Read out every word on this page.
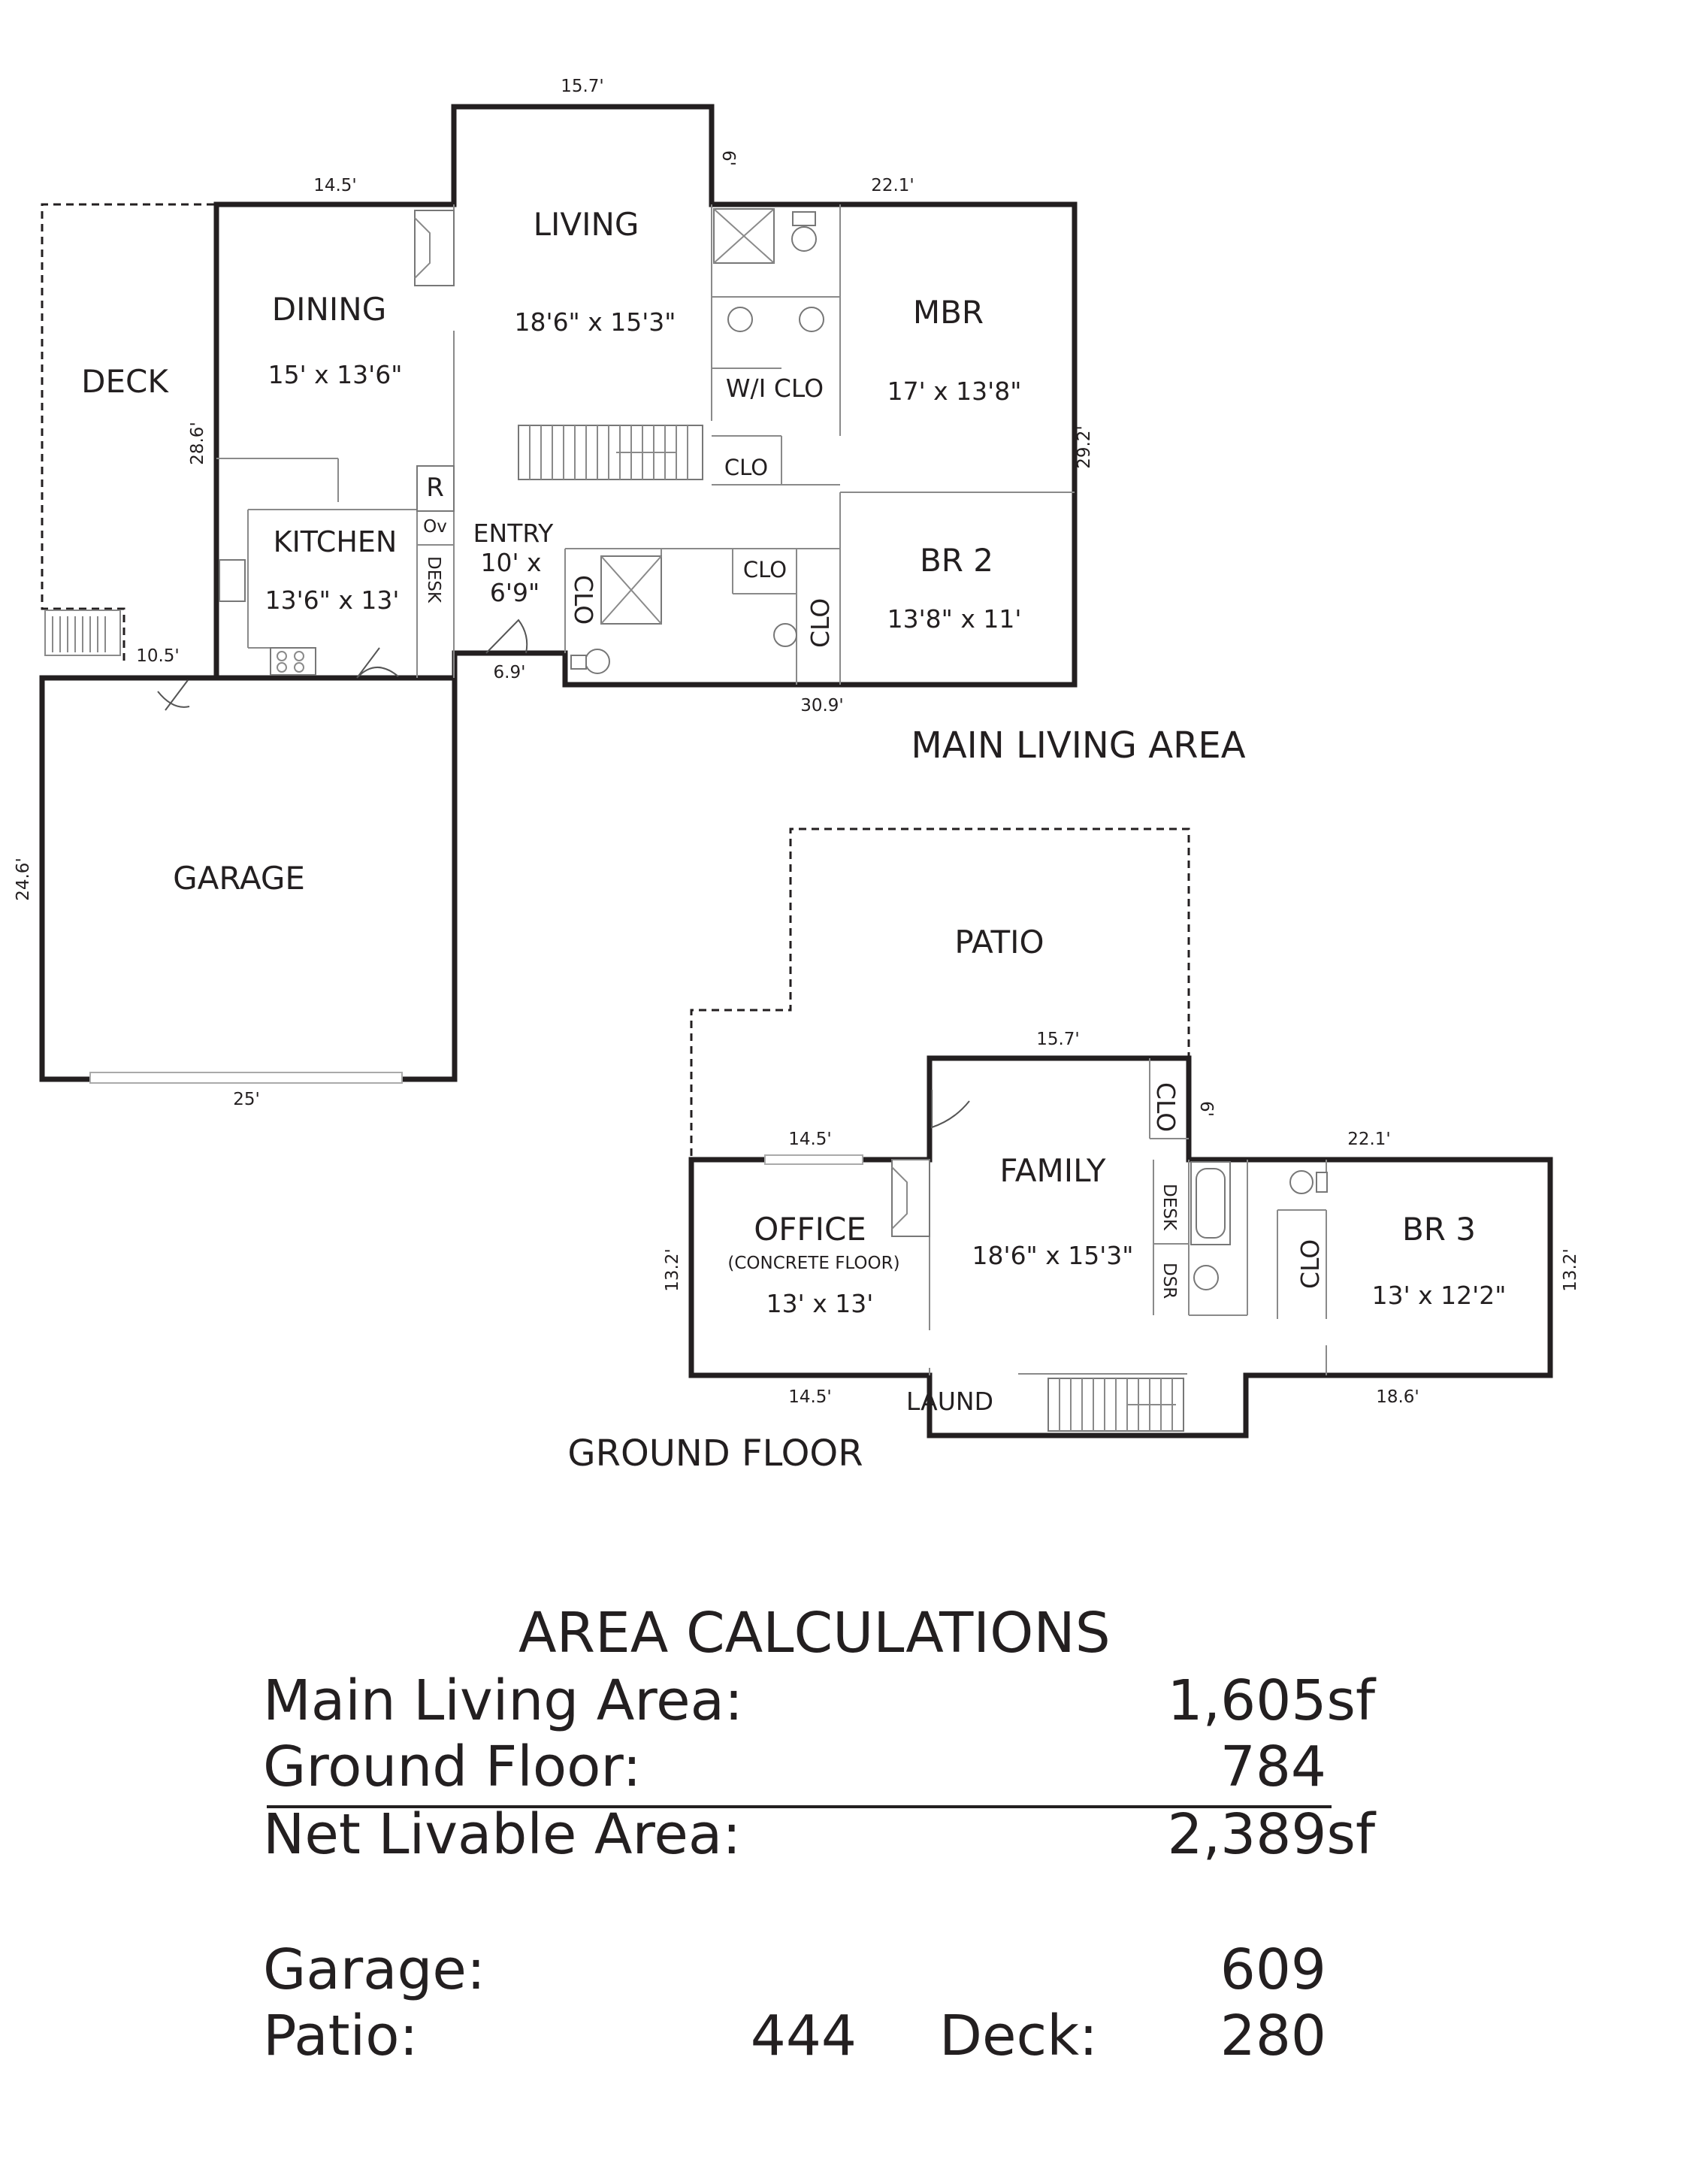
R
Ov
DESK
LIVING
18'6" x 15'3"
DINING
15' x 13'6"
DECK
MBR
17' x 13'8"
W/I CLO
CLO
KITCHEN
13'6" x 13'
ENTRY
10' x
6'9" CLO
CLO
CLO
BR 2
13'8" x 11'
GARAGE
15.7'
6'
14.5'	22.1'
28.6'	29.2'
10.5'
6.9'
30.9'
24.6'
25'
MAIN LIVING AREA
PATIO
FAMILY
18'6" x 15'3"
OFFICE
(CONCRETE FLOOR)
13' x 13'
CLO
DESK
DSR	CLO
BR 3
13' x 12'2"
LAUND
15.7'
6'
14.5'	22.1'
13.2'	13.2'
14.5'	18.6'
GROUND FLOOR
AREA CALCULATIONS
Main Living Area:	1,605sf
Ground Floor:	784
Net Livable Area:	2,389sf
Garage:	609
Patio:	444 Deck:	280
